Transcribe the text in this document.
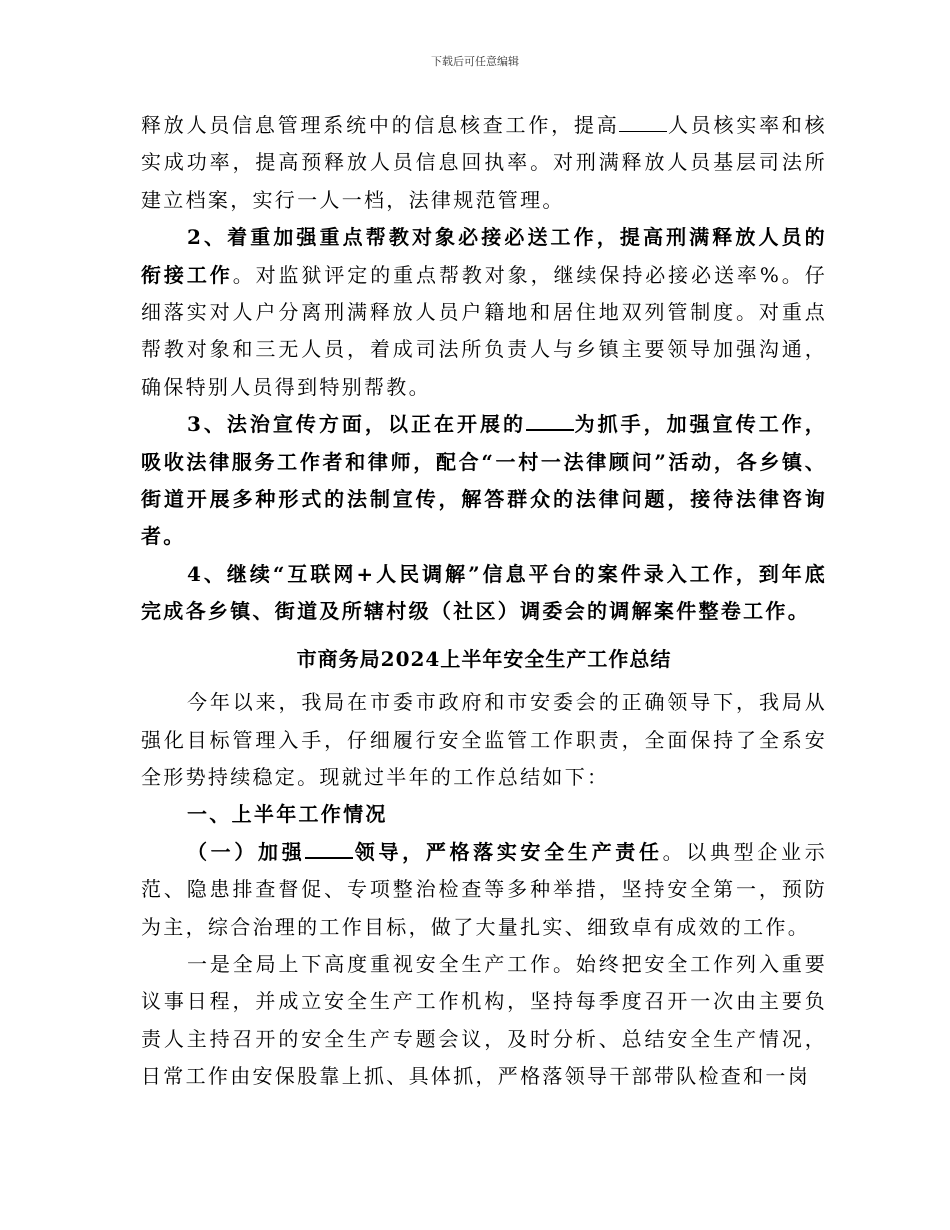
下载后可任意编辑

释放人员信息管理系统中的信息核查工作，提高 人员核实率和核实成功率，提高预释放人员信息回执率。对刑满释放人员基层司法所建立档案，实行一人一档，法律规范管理。

2、着重加强重点帮教对象必接必送工作，提高刑满释放人员的衔接工作。对监狱评定的重点帮教对象，继续保持必接必送率%。仔细落实对人户分离刑满释放人员户籍地和居住地双列管制度。对重点帮教对象和三无人员，着成司法所负责人与乡镇主要领导加强沟通，确保特别人员得到特别帮教。

3、法治宣传方面，以正在开展的 为抓手，加强宣传工作，吸收法律服务工作者和律师，配合“一村一法律顾问”活动，各乡镇、街道开展多种形式的法制宣传，解答群众的法律问题，接待法律咨询者。

4、继续“互联网+人民调解”信息平台的案件录入工作，到年底完成各乡镇、街道及所辖村级（社区）调委会的调解案件整卷工作。

市商务局2024上半年安全生产工作总结

今年以来，我局在市委市政府和市安委会的正确领导下，我局从强化目标管理入手，仔细履行安全监管工作职责，全面保持了全系安全形势持续稳定。现就过半年的工作总结如下：

一、上半年工作情况

（一）加强 领导，严格落实安全生产责任。以典型企业示范、隐患排查督促、专项整治检查等多种举措，坚持安全第一，预防为主，综合治理的工作目标，做了大量扎实、细致卓有成效的工作。

一是全局上下高度重视安全生产工作。始终把安全工作列入重要议事日程，并成立安全生产工作机构，坚持每季度召开一次由主要负责人主持召开的安全生产专题会议，及时分析、总结安全生产情况，日常工作由安保股靠上抓、具体抓，严格落领导干部带队检查和一岗
